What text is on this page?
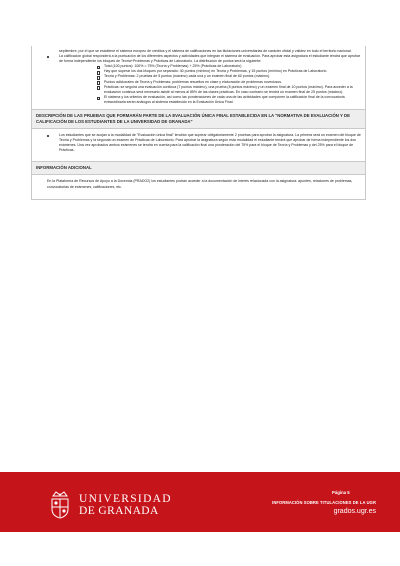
septiembre, por el que se establece el sistema europeo de créditos y el sistema de calificaciones en las titulaciones universitarias de carácter oficial y validez en todo el territorio nacional.
La calificación global responderá a la puntuación de los diferentes aspectos y actividades que integran el sistema de evaluación. Para aprobar esta asignatura el estudiante tendrá que aprobar de forma independiente los bloques de Teoría+Problemas y Prácticas de Laboratorio. La distribución de puntos será la siguiente:
Total (100 puntos): 100% = 75% (Teoría y Problemas) + 25% (Prácticas de Laboratorio)
Hay que superar los dos bloques por separado: 40 puntos (mínimo) en Teoría y Problemas, y 15 puntos (mínimo) en Prácticas de Laboratorio.
Teoría y Problemas: 2 pruebas de 5 puntos (máximo) cada una y un examen final de 60 puntos (máximo).
Puntos adicionales de Teoría y Problemas: problemas resueltos en clase y elaboración de problemas novedosos.
Prácticas: se seguirá una evaluación continua (7 puntos máximo), una prueba (8 puntos máximo) y un examen final de 10 puntos (máximo). Para acceder a la evaluación continua será necesario asistir al menos al 85% de las clases prácticas. En caso contrario se tendrá un examen final de 25 puntos (máximo).
El sistema y los criterios de evaluación, así como las ponderaciones de cada una de las actividades que componen la calificación final de la convocatoria extraordinaria serán análogos al sistema establecido en la Evaluación Única Final.
DESCRIPCIÓN DE LAS PRUEBAS QUE FORMARÁN PARTE DE LA EVALUACIÓN ÚNICA FINAL ESTABLECIDA EN LA "NORMATIVA DE EVALUACIÓN Y DE CALIFICACIÓN DE LOS ESTUDIANTES DE LA UNIVERSIDAD DE GRANADA"
Los estudiantes que se acojan a la modalidad de "Evaluación única final" tendrán que superar obligatoriamente 2 pruebas para aprobar la asignatura. La primera será un examen del bloque de Teoría y Problemas y la segunda un examen de Prácticas de Laboratorio. Para aprobar la asignatura según esta modalidad el estudiante tendrá que aprobar de forma independiente los dos exámenes. Una vez aprobados ambos exámenes se tendrá en cuenta para la calificación final una ponderación del 75% para el bloque de Teoría y Problemas y del 25% para el bloque de Prácticas.
INFORMACIÓN ADICIONAL
En la Plataforma de Recursos de Apoyo a la Docencia (PRADO2) los estudiantes podrán acceder a la documentación de interés relacionada con la asignatura: apuntes, relaciones de problemas, convocatorias de exámenes, calificaciones, etc.
UNIVERSIDAD
DE GRANADA
Página 5
INFORMACIÓN SOBRE TITULACIONES DE LA UGR
grados.ugr.es
